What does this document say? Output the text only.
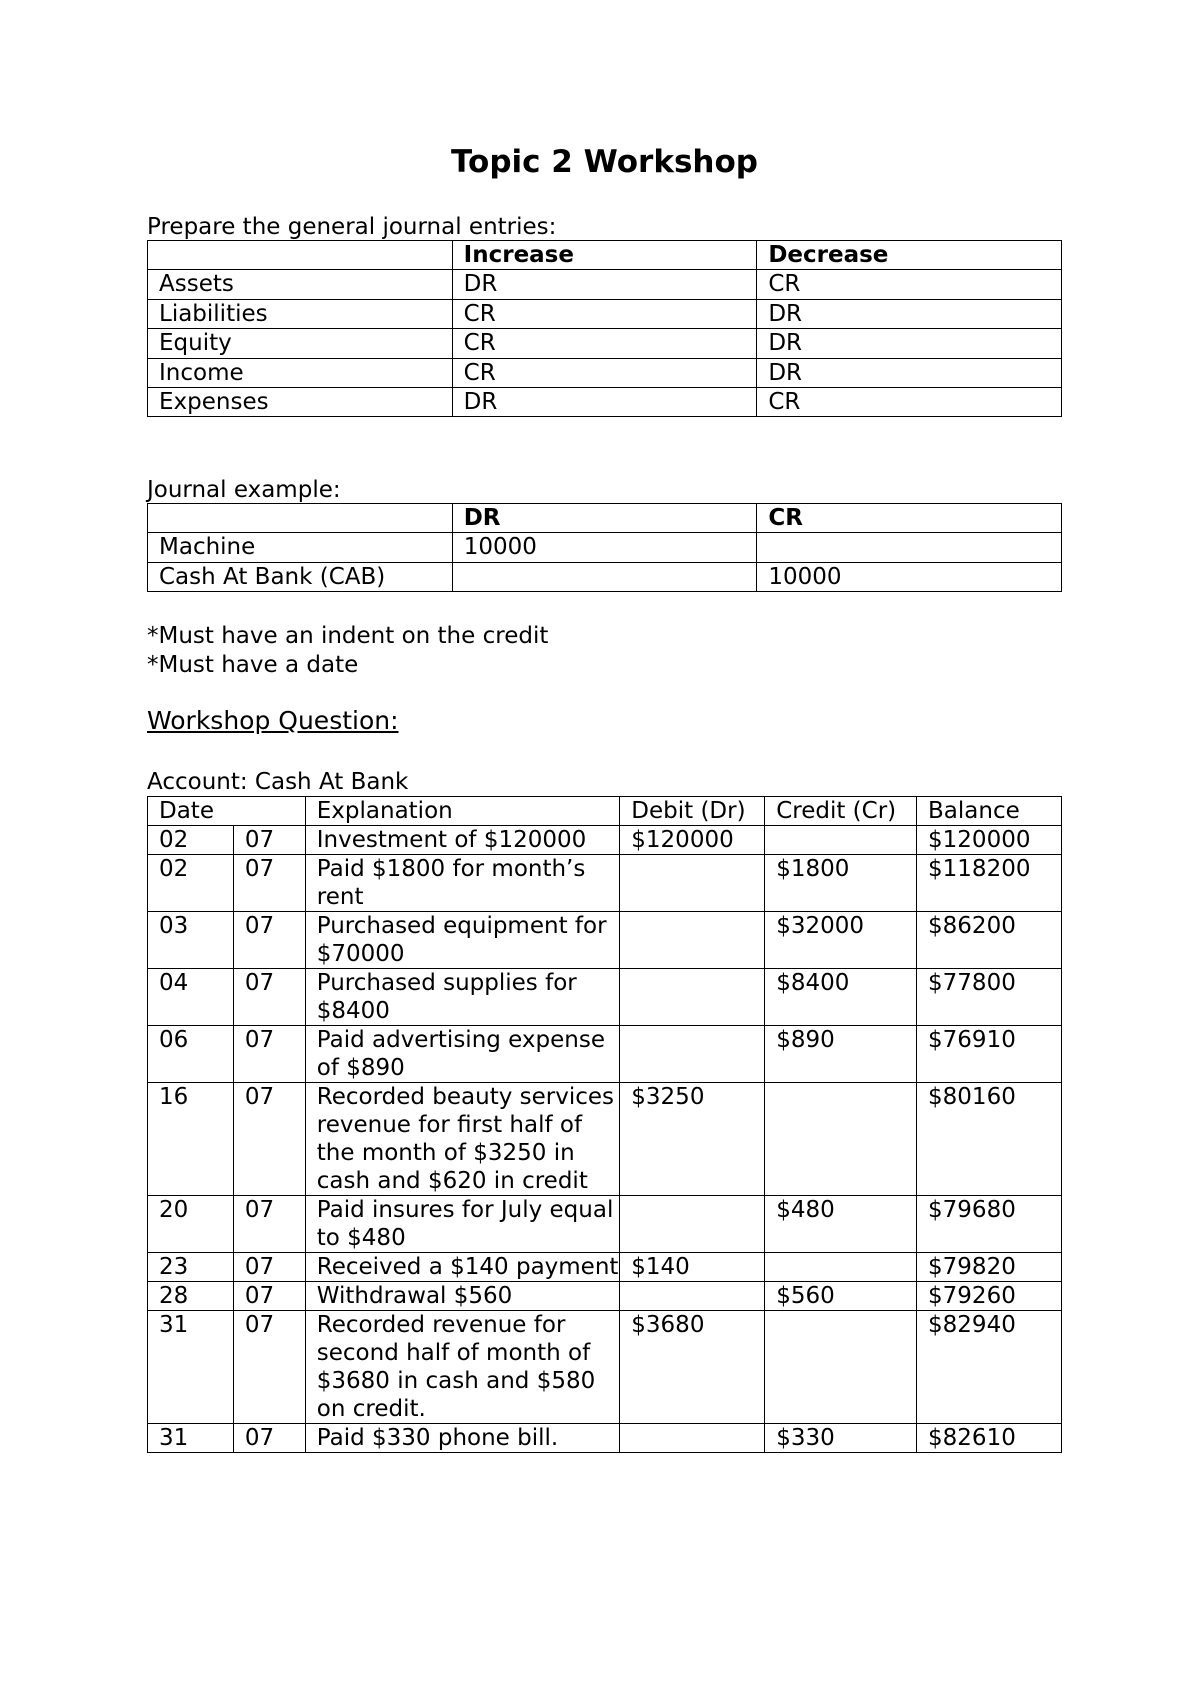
Topic 2 Workshop
Prepare the general journal entries:
	Increase	Decrease
Assets	DR	CR
Liabilities	CR	DR
Equity	CR	DR
Income	CR	DR
Expenses	DR	CR
Journal example:
	DR	CR
Machine	10000	
Cash At Bank (CAB)		10000
*Must have an indent on the credit
*Must have a date
Workshop Question:
Account: Cash At Bank
Date		Explanation	Debit (Dr)	Credit (Cr)	Balance
02	07	Investment of $120000	$120000		$120000
02	07	Paid $1800 for month’s rent		$1800	$118200
03	07	Purchased equipment for $70000		$32000	$86200
04	07	Purchased supplies for $8400		$8400	$77800
06	07	Paid advertising expense of $890		$890	$76910
16	07	Recorded beauty services revenue for first half of the month of $3250 in cash and $620 in credit	$3250		$80160
20	07	Paid insures for July equal to $480		$480	$79680
23	07	Received a $140 payment	$140		$79820
28	07	Withdrawal $560		$560	$79260
31	07	Recorded revenue for second half of month of $3680 in cash and $580 on credit.	$3680		$82940
31	07	Paid $330 phone bill.		$330	$82610
